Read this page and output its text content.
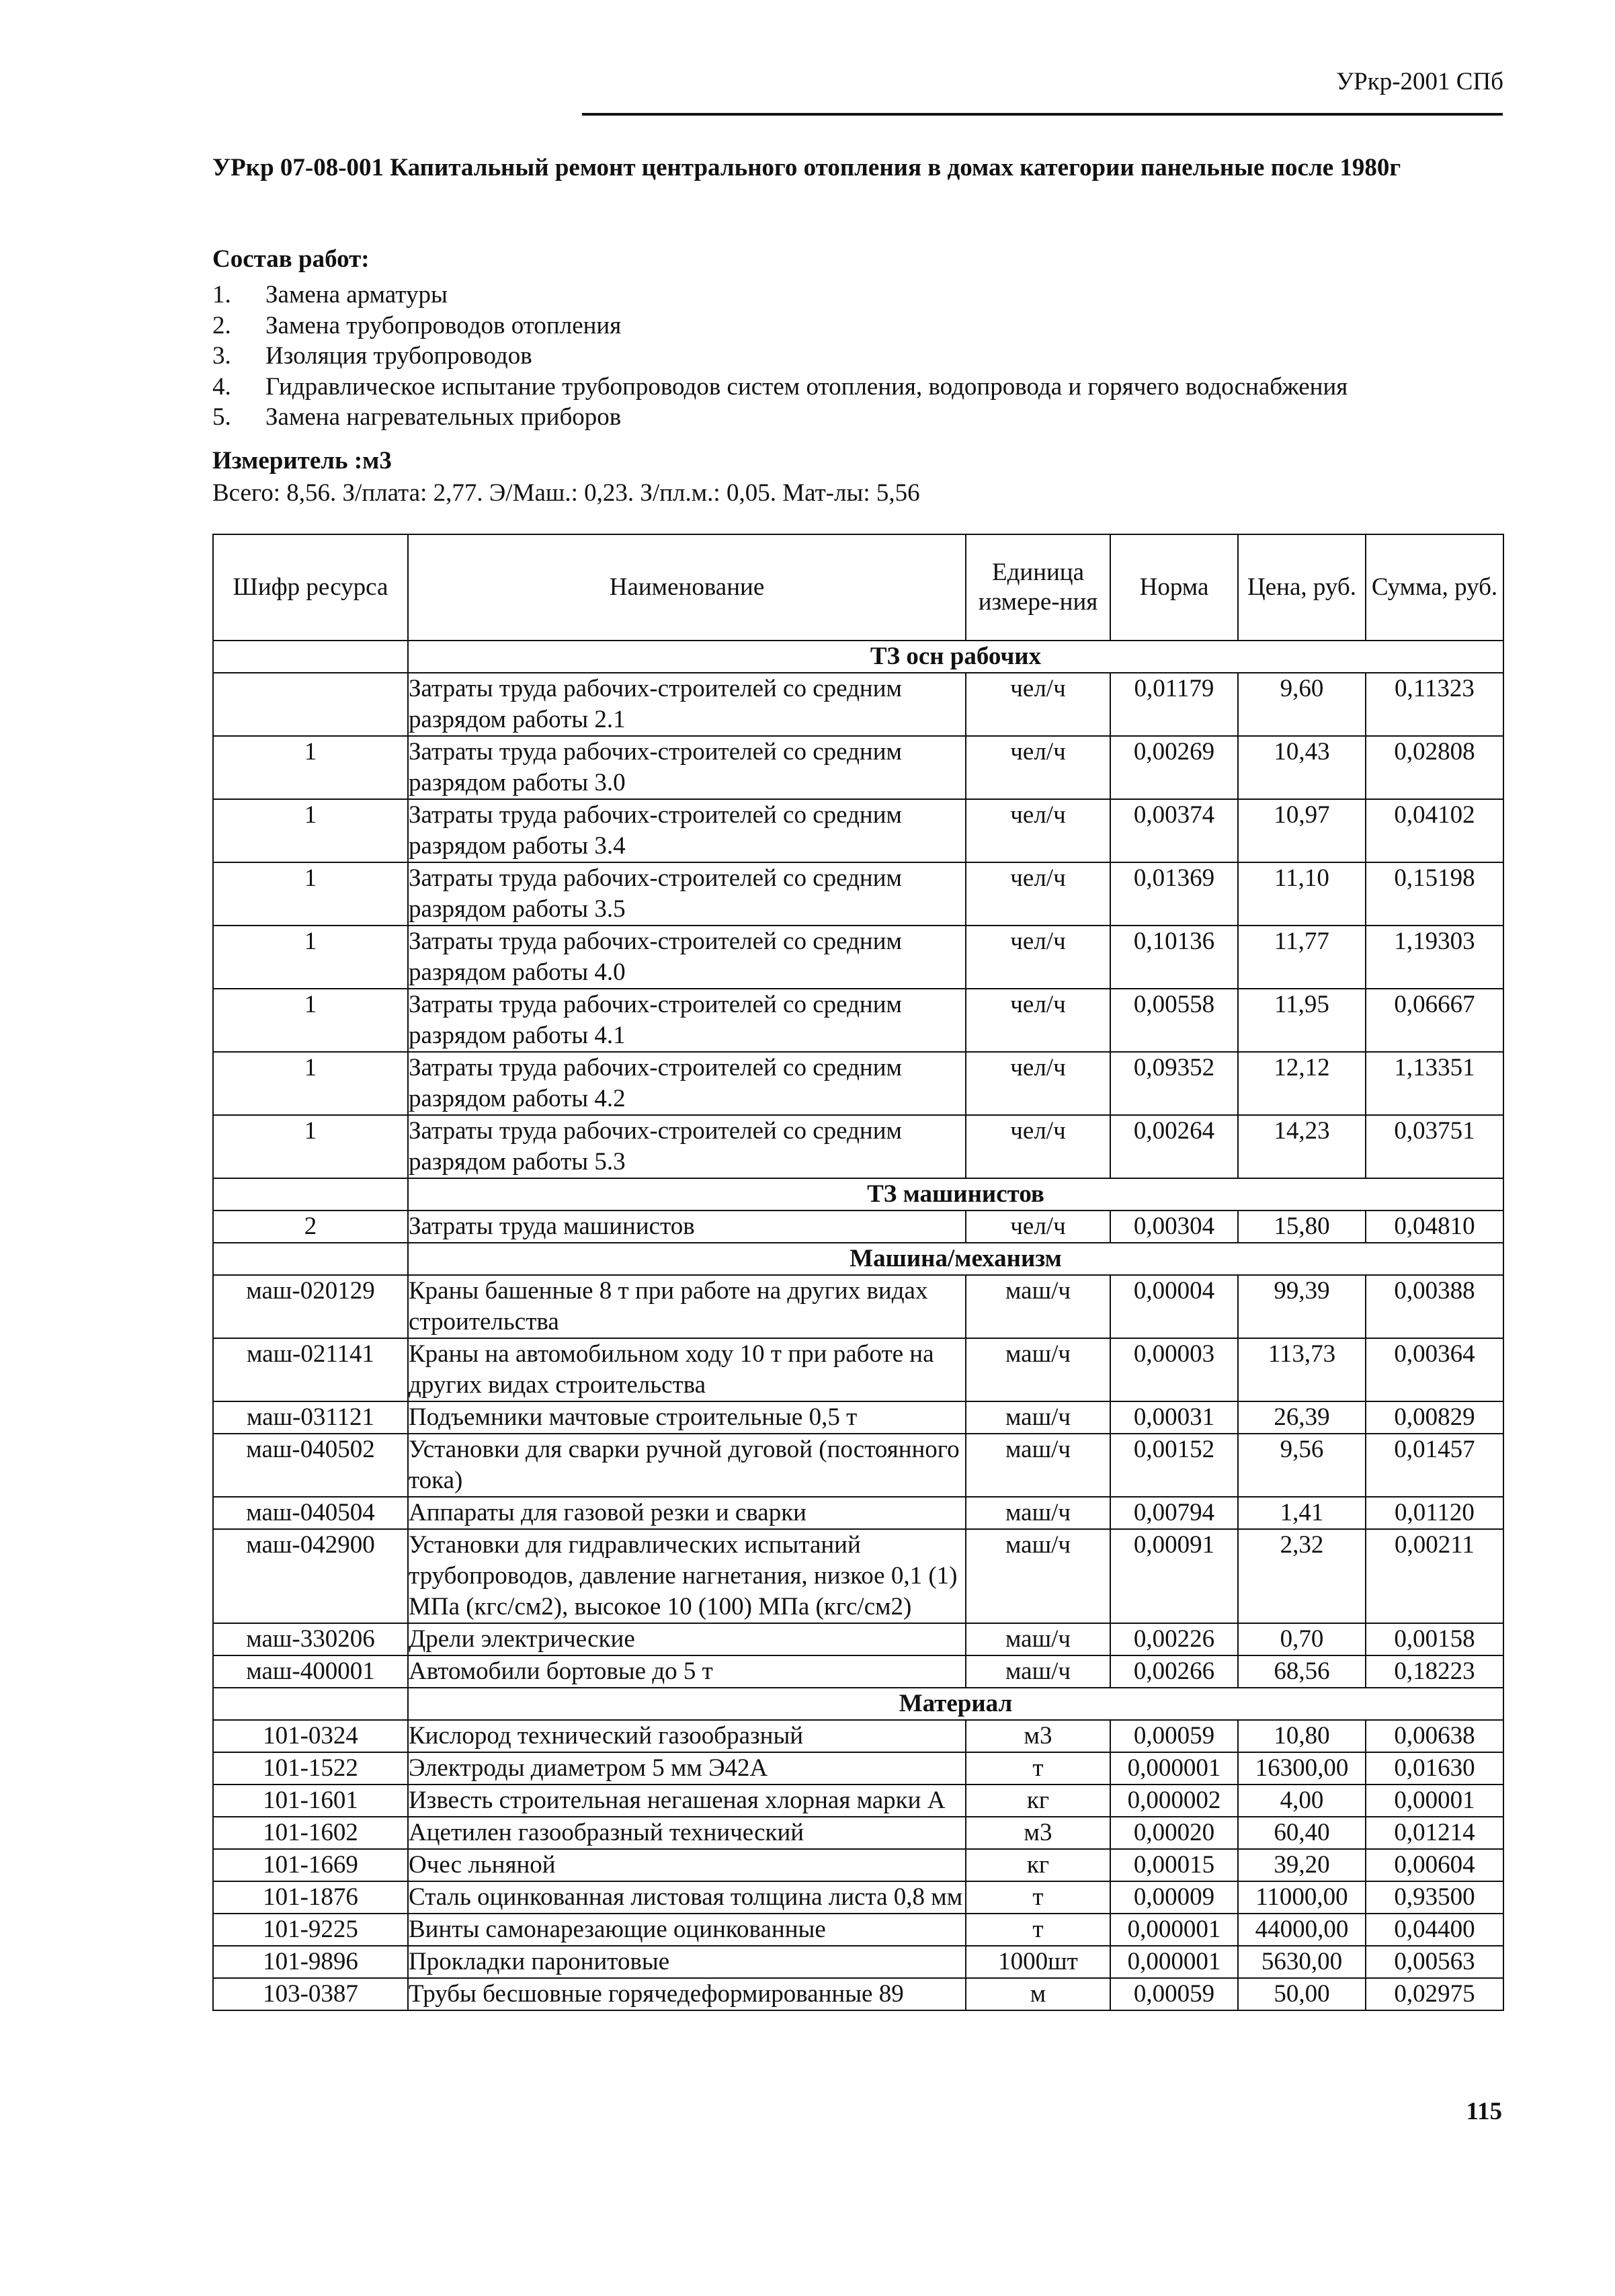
УРкр-2001 СПб
УРкр 07-08-001 Капитальный ремонт центрального отопления в домах категории панельные после 1980г
Состав работ:
1. Замена арматуры
2. Замена трубопроводов отопления
3. Изоляция трубопроводов
4. Гидравлическое испытание трубопроводов систем отопления, водопровода и горячего водоснабжения
5. Замена нагревательных приборов
Измеритель :м3
Всего: 8,56. З/плата: 2,77. Э/Маш.: 0,23. З/пл.м.: 0,05. Мат-лы: 5,56
Шифр ресурса	Наименование	Единица измере-ния	Норма	Цена, руб.	Сумма, руб.
	ТЗ осн рабочих				
	Затраты труда рабочих-строителей со средним разрядом работы 2.1	чел/ч	0,01179	9,60	0,11323
1	Затраты труда рабочих-строителей со средним разрядом работы 3.0	чел/ч	0,00269	10,43	0,02808
1	Затраты труда рабочих-строителей со средним разрядом работы 3.4	чел/ч	0,00374	10,97	0,04102
1	Затраты труда рабочих-строителей со средним разрядом работы 3.5	чел/ч	0,01369	11,10	0,15198
1	Затраты труда рабочих-строителей со средним разрядом работы 4.0	чел/ч	0,10136	11,77	1,19303
1	Затраты труда рабочих-строителей со средним разрядом работы 4.1	чел/ч	0,00558	11,95	0,06667
1	Затраты труда рабочих-строителей со средним разрядом работы 4.2	чел/ч	0,09352	12,12	1,13351
1	Затраты труда рабочих-строителей со средним разрядом работы 5.3	чел/ч	0,00264	14,23	0,03751
	ТЗ машинистов				
2	Затраты труда машинистов	чел/ч	0,00304	15,80	0,04810
	Машина/механизм				
маш-020129	Краны башенные 8 т при работе на других видах строительства	маш/ч	0,00004	99,39	0,00388
маш-021141	Краны на автомобильном ходу 10 т при работе на других видах строительства	маш/ч	0,00003	113,73	0,00364
маш-031121	Подъемники мачтовые строительные 0,5 т	маш/ч	0,00031	26,39	0,00829
маш-040502	Установки для сварки ручной дуговой (постоянного тока)	маш/ч	0,00152	9,56	0,01457
маш-040504	Аппараты для газовой резки и сварки	маш/ч	0,00794	1,41	0,01120
маш-042900	Установки для гидравлических испытаний трубопроводов, давление нагнетания, низкое 0,1 (1) МПа (кгс/см2), высокое 10 (100) МПа (кгс/см2)	маш/ч	0,00091	2,32	0,00211
маш-330206	Дрели электрические	маш/ч	0,00226	0,70	0,00158
маш-400001	Автомобили бортовые до 5 т	маш/ч	0,00266	68,56	0,18223
	Материал				
101-0324	Кислород технический газообразный	м3	0,00059	10,80	0,00638
101-1522	Электроды диаметром 5 мм Э42А	т	0,000001	16300,00	0,01630
101-1601	Известь строительная негашеная хлорная марки А	кг	0,000002	4,00	0,00001
101-1602	Ацетилен газообразный технический	м3	0,00020	60,40	0,01214
101-1669	Очес льняной	кг	0,00015	39,20	0,00604
101-1876	Сталь оцинкованная листовая толщина листа 0,8 мм	т	0,00009	11000,00	0,93500
101-9225	Винты самонарезающие оцинкованные	т	0,000001	44000,00	0,04400
101-9896	Прокладки паронитовые	1000шт	0,000001	5630,00	0,00563
103-0387	Трубы бесшовные горячедеформированные 89	м	0,00059	50,00	0,02975
115
